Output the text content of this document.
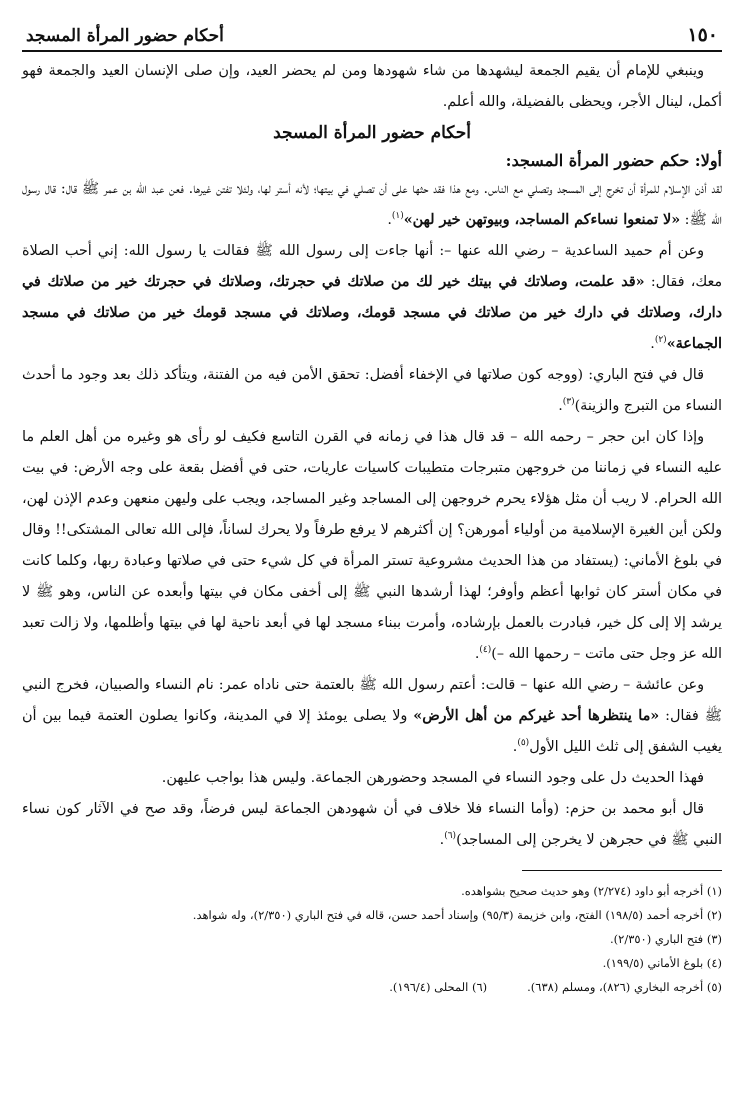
١٥٠
أحكام حضور المرأة المسجد

وينبغي للإمام أن يقيم الجمعة ليشهدها من شاء شهودها ومن لم يحضر العيد، وإن صلى الإنسان العيد والجمعة فهو أكمل، لينال الأجر، ويحظى بالفضيلة، والله أعلم.

أحكام حضور المرأة المسجد

أولا: حكم حضور المرأة المسجد:

لقد أذن الإسلام للمرأة أن تخرج إلى المسجد وتصلي مع الناس. ومع هذا فقد حثها على أن تصلي في بيتها؛ لأنه أستر لها، ولئلا تفتن غيرها. فعن عبد الله بن عمر ﷺ قال: قال رسول الله ﷺ: «لا تمنعوا نساءكم المساجد، وبيوتهن خير لهن»$^{(١)}$.

وعن أم حميد الساعدية – رضي الله عنها –: أنها جاءت إلى رسول الله ﷺ فقالت يا رسول الله: إني أحب الصلاة معك، فقال: «قد علمت، وصلاتك في بيتك خير لك من صلاتك في حجرتك، وصلاتك في حجرتك خير من صلاتك في دارك، وصلاتك في دارك خير من صلاتك في مسجد قومك، وصلاتك في مسجد قومك خير من صلاتك في مسجد الجماعة»$^{(٢)}$.

قال في فتح الباري: (ووجه كون صلاتها في الإخفاء أفضل: تحقق الأمن فيه من الفتنة، ويتأكد ذلك بعد وجود ما أحدث النساء من التبرج والزينة)$^{(٣)}$.

وإذا كان ابن حجر – رحمه الله – قد قال هذا في زمانه في القرن التاسع فكيف لو رأى هو وغيره من أهل العلم ما عليه النساء في زماننا من خروجهن متبرجات متطيبات كاسيات عاريات، حتى في أفضل بقعة على وجه الأرض: في بيت الله الحرام. لا ريب أن مثل هؤلاء يحرم خروجهن إلى المساجد وغير المساجد، ويجب على وليهن منعهن وعدم الإذن لهن، ولكن أين الغيرة الإسلامية من أولياء أمورهن؟ إن أكثرهم لا يرفع طرفاً ولا يحرك لساناً، فإلى الله تعالى المشتكى!! وقال في بلوغ الأماني: (يستفاد من هذا الحديث مشروعية تستر المرأة في كل شيء حتى في صلاتها وعبادة ربها، وكلما كانت في مكان أستر كان ثوابها أعظم وأوفر؛ لهذا أرشدها النبي ﷺ إلى أخفى مكان في بيتها وأبعده عن الناس، وهو ﷺ لا يرشد إلا إلى كل خير، فبادرت بالعمل بإرشاده، وأمرت ببناء مسجد لها في أبعد ناحية لها في بيتها وأظلمها، ولا زالت تعبد الله عز وجل حتى ماتت – رحمها الله –)$^{(٤)}$.

وعن عائشة – رضي الله عنها – قالت: أعتم رسول الله ﷺ بالعتمة حتى ناداه عمر: نام النساء والصبيان، فخرج النبي ﷺ فقال: «ما ينتظرها أحد غيركم من أهل الأرض» ولا يصلى يومئذ إلا في المدينة، وكانوا يصلون العتمة فيما بين أن يغيب الشفق إلى ثلث الليل الأول$^{(٥)}$.

فهذا الحديث دل على وجود النساء في المسجد وحضورهن الجماعة. وليس هذا بواجب عليهن.

قال أبو محمد بن حزم: (وأما النساء فلا خلاف في أن شهودهن الجماعة ليس فرضاً، وقد صح في الآثار كون نساء النبي ﷺ في حجرهن لا يخرجن إلى المساجد)$^{(٦)}$.

(١) أخرجه أبو داود (٢/٢٧٤) وهو حديث صحيح بشواهده.
(٢) أخرجه أحمد (١٩٨/٥) الفتح، وابن خزيمة (٩٥/٣) وإسناد أحمد حسن، قاله في فتح الباري (٢/٣٥٠)، وله شواهد.
(٣) فتح الباري (٢/٣٥٠).
(٤) بلوغ الأماني (١٩٩/٥).
(٥) أخرجه البخاري (٨٢٦)، ومسلم (٦٣٨).
(٦) المحلى (١٩٦/٤).
